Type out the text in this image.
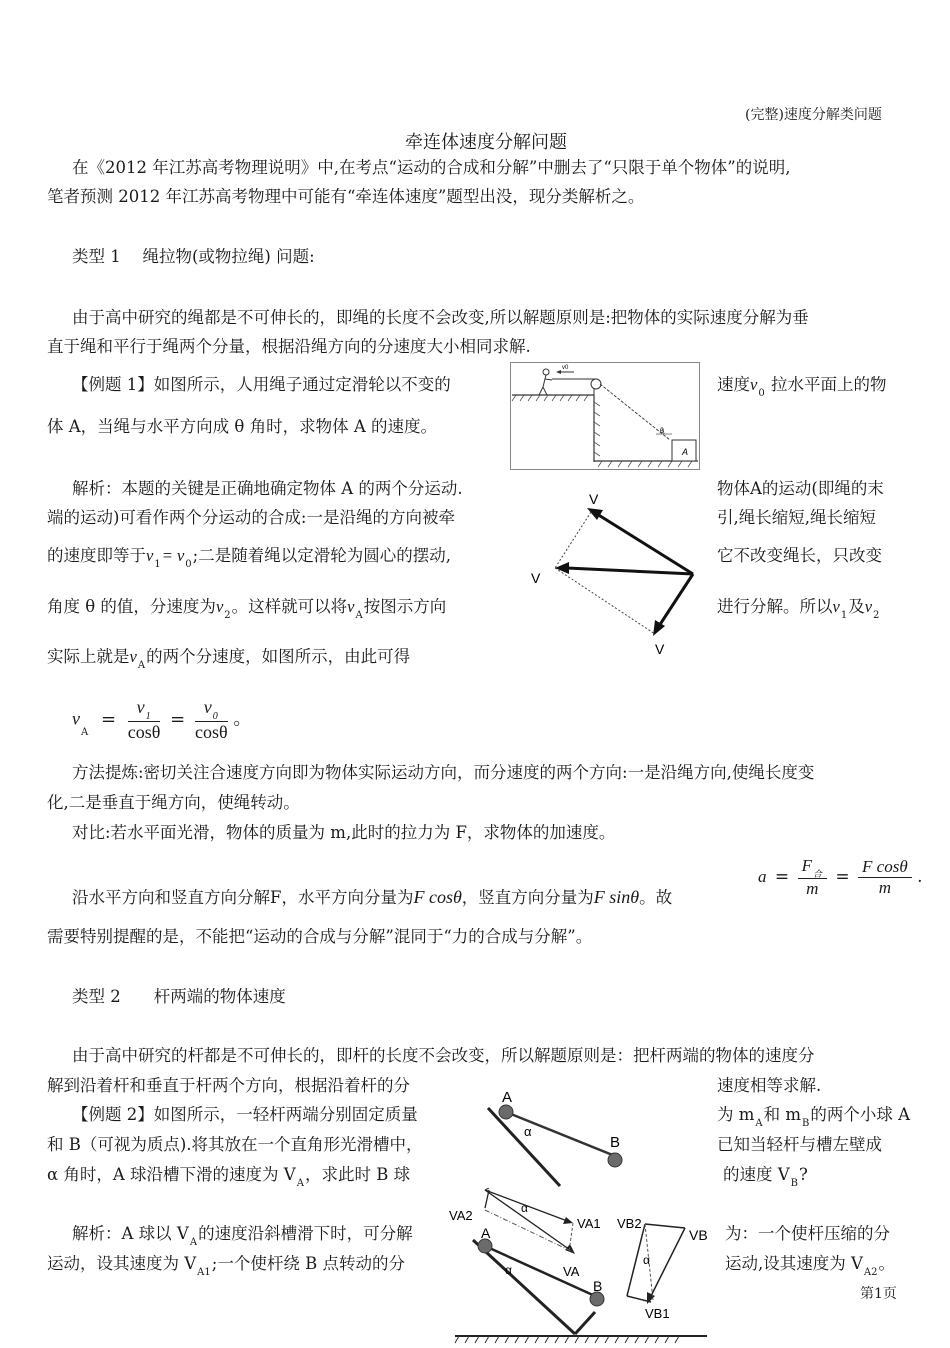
(完整)速度分解类问题
牵连体速度分解问题
在《2012 年江苏高考物理说明》中,在考点“运动的合成和分解”中删去了“只限于单个物体”的说明,
笔者预测 2012 年江苏高考物理中可能有“牵连体速度”题型出没，现分类解析之。
类型 1　 绳拉物(或物拉绳) 问题:
由于高中研究的绳都是不可伸长的，即绳的长度不会改变,所以解题原则是:把物体的实际速度分解为垂
直于绳和平行于绳两个分量，根据沿绳方向的分速度大小相同求解.
【例题 1】如图所示，人用绳子通过定滑轮以不变的	速度$v_0$ 拉水平面上的物
体 A，当绳与水平方向成 θ 角时，求物体 A 的速度。
v0
A
θ
解析：本题的关键是正确地确定物体 A 的两个分运动.	物体A的运动(即绳的末
端的运动)可看作两个分运动的合成:一是沿绳的方向被牵	引,绳长缩短,绳长缩短
的速度即等于$v_1= v_0$;二是随着绳以定滑轮为圆心的摆动,	它不改变绳长，只改变
角度 θ 的值，分速度为$v_2$。这样就可以将$v_A$按图示方向	进行分解。所以$v_1$及$v_2$
实际上就是$v_A$的两个分速度，如图所示，由此可得
V
V
V
$v_A = \frac{v_1}{\cos\theta} = \frac{v_0}{\cos\theta}$ 。
方法提炼:密切关注合速度方向即为物体实际运动方向，而分速度的两个方向:一是沿绳方向,使绳长度变
化,二是垂直于绳方向，使绳转动。
对比:若水平面光滑，物体的质量为 m,此时的拉力为 F，求物体的加速度。
沿水平方向和竖直方向分解F，水平方向分量为F cosθ，竖直方向分量为F sinθ。故
$a = \frac{F_合}{m} = \frac{\text{F cosθ}}{m}$ .
需要特别提醒的是，不能把“运动的合成与分解”混同于“力的合成与分解”。
类型 2　　杆两端的物体速度
由于高中研究的杆都是不可伸长的，即杆的长度不会改变，所以解题原则是：把杆两端的物体的速度分
解到沿着杆和垂直于杆两个方向，根据沿着杆的分	速度相等求解.
【例题 2】如图所示，一轻杆两端分别固定质量	为 $m_A$和 $m_B$的两个小球 A
和 B（可视为质点).将其放在一个直角形光滑槽中，	已知当轻杆与槽左壁成
α 角时，A 球沿槽下滑的速度为 $V_A$，求此时 B 球	的速度 $V_B$?
解析：A 球以 $V_A$的速度沿斜槽滑下时，可分解	为：一个使杆压缩的分
运动，设其速度为 $V_{A1}$;一个使杆绕 B 点转动的分	运动,设其速度为 $V_{A2}$。
A
B
α
A
B
α
VA2
VA1
VA
α
VB2
VB
VB1
α
第1页
